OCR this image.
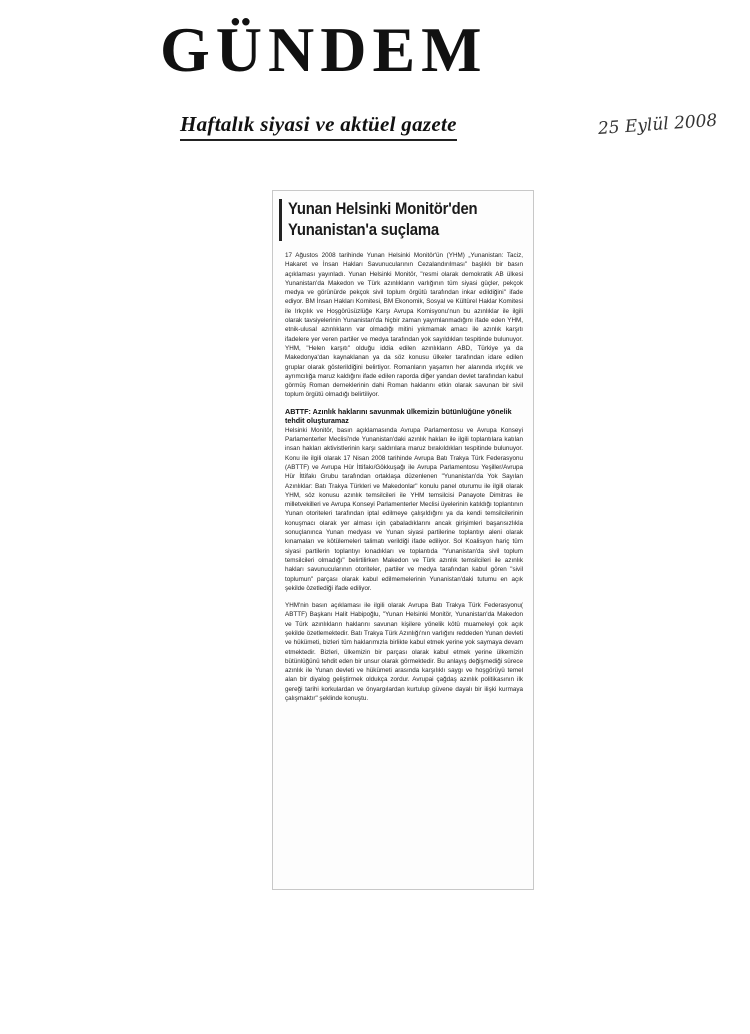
GÜNDEM
Haftalık siyasi ve aktüel gazete	25 Eylül 2008
Yunan Helsinki Monitör'den
Yunanistan'a suçlama

17 Ağustos 2008 tarihinde Yunan Helsinki Monitör'ün (YHM) „Yunanistan: Taciz, Hakaret ve İnsan Hakları Savunucularının Cezalandırılması" başlıklı bir basın açıklaması yayınladı. Yunan Helsinki Monitör, "resmi olarak demokratik AB ülkesi Yunanistan'da Makedon ve Türk azınlıkların varlığının tüm siyasi güçler, pekçok medya ve görünürde pekçok sivil toplum örgütü tarafından inkar edildiğini" ifade ediyor. BM İnsan Hakları Komitesi, BM Ekonomik, Sosyal ve Kültürel Haklar Komitesi ile Irkçılık ve Hoşgörüsüzlüğe Karşı Avrupa Komisyonu'nun bu azınlıklar ile ilgili olarak tavsiyelerinin Yunanistan'da hiçbir zaman yayımlanmadığını ifade eden YHM, etnik-ulusal azınlıkların var olmadığı mitini yıkmamak amacı ile azınlık karşıtı ifadelere yer veren partiler ve medya tarafından yok sayıldıkları tespitinde bulunuyor. YHM, "Helen karşıtı" olduğu iddia edilen azınlıkların ABD, Türkiye ya da Makedonya'dan kaynaklanan ya da söz konusu ülkeler tarafından idare edilen gruplar olarak gösterildiğini belirtiyor. Romanların yaşamın her alanında ırkçılık ve ayrımcılığa maruz kaldığını ifade edilen raporda diğer yandan devlet tarafından kabul görmüş Roman derneklerinin dahi Roman haklarını etkin olarak savunan bir sivil toplum örgütü olmadığı belirtiliyor.

ABTTF: Azınlık haklarını savunmak ülkemizin bütünlüğüne yönelik tehdit oluşturamaz

Helsinki Monitör, basın açıklamasında Avrupa Parlamentosu ve Avrupa Konseyi Parlamenterler Meclisi'nde Yunanistan'daki azınlık hakları ile ilgili toplantılara katılan insan hakları aktivistlerinin karşı saldırılara maruz bırakıldıkları tespitinde bulunuyor. Konu ile ilgili olarak 17 Nisan 2008 tarihinde Avrupa Batı Trakya Türk Federasyonu (ABTTF) ve Avrupa Hür İttifakı/Gökkuşağı ile Avrupa Parlamentosu Yeşiller/Avrupa Hür İttifakı Grubu tarafından ortaklaşa düzenlenen "Yunanistan'da Yok Sayılan Azınlıklar: Batı Trakya Türkleri ve Makedonlar" konulu panel oturumu ile ilgili olarak YHM, söz konusu azınlık temsilcileri ile YHM temsilcisi Panayote Dimitras ile milletvekilleri ve Avrupa Konseyi Parlamenterler Meclisi üyelerinin katıldığı toplantının Yunan otoriteleri tarafından iptal edilmeye çalışıldığını ya da kendi temsilcilerinin konuşmacı olarak yer alması için çabaladıklarını ancak girişimleri başarısızlıkla sonuçlanınca Yunan medyası ve Yunan siyasi partilerine toplantıyı aleni olarak kınamaları ve kötülemeleri talimatı verildiği ifade ediliyor. Sol Koalisyon hariç tüm siyasi partilerin toplantıyı kınadıkları ve toplantıda "Yunanistan'da sivil toplum temsilcileri olmadığı" belirtilirken Makedon ve Türk azınlık temsilcileri ile azınlık hakları savunucularının otoriteler, partiler ve medya tarafından kabul gören "sivil toplumun" parçası olarak kabul edilmemelerinin Yunanistan'daki tutumu en açık şekilde özetlediği ifade ediliyor.

YHM'nin basın açıklaması ile ilgili olarak Avrupa Batı Trakya Türk Federasyonu( ABTTF) Başkanı Halit Habipoğlu, "Yunan Helsinki Monitör, Yunanistan'da Makedon ve Türk azınlıkların haklarını savunan kişilere yönelik kötü muameleyi çok açık şekilde özetlemektedir. Batı Trakya Türk Azınlığı'nın varlığını reddeden Yunan devleti ve hükümeti, bizleri tüm haklarımızla birlikte kabul etmek yerine yok saymaya devam etmektedir. Bizleri, ülkemizin bir parçası olarak kabul etmek yerine ülkemizin bütünlüğünü tehdit eden bir unsur olarak görmektedir. Bu anlayış değişmediği sürece azınlık ile Yunan devleti ve hükümeti arasında karşılıklı saygı ve hoşgörüyü temel alan bir diyalog geliştirmek oldukça zordur. Avrupai çağdaş azınlık politikasının ilk gereği tarihi korkulardan ve önyargılardan kurtulup güvene dayalı bir ilişki kurmaya çalışmaktır" şeklinde konuştu.
